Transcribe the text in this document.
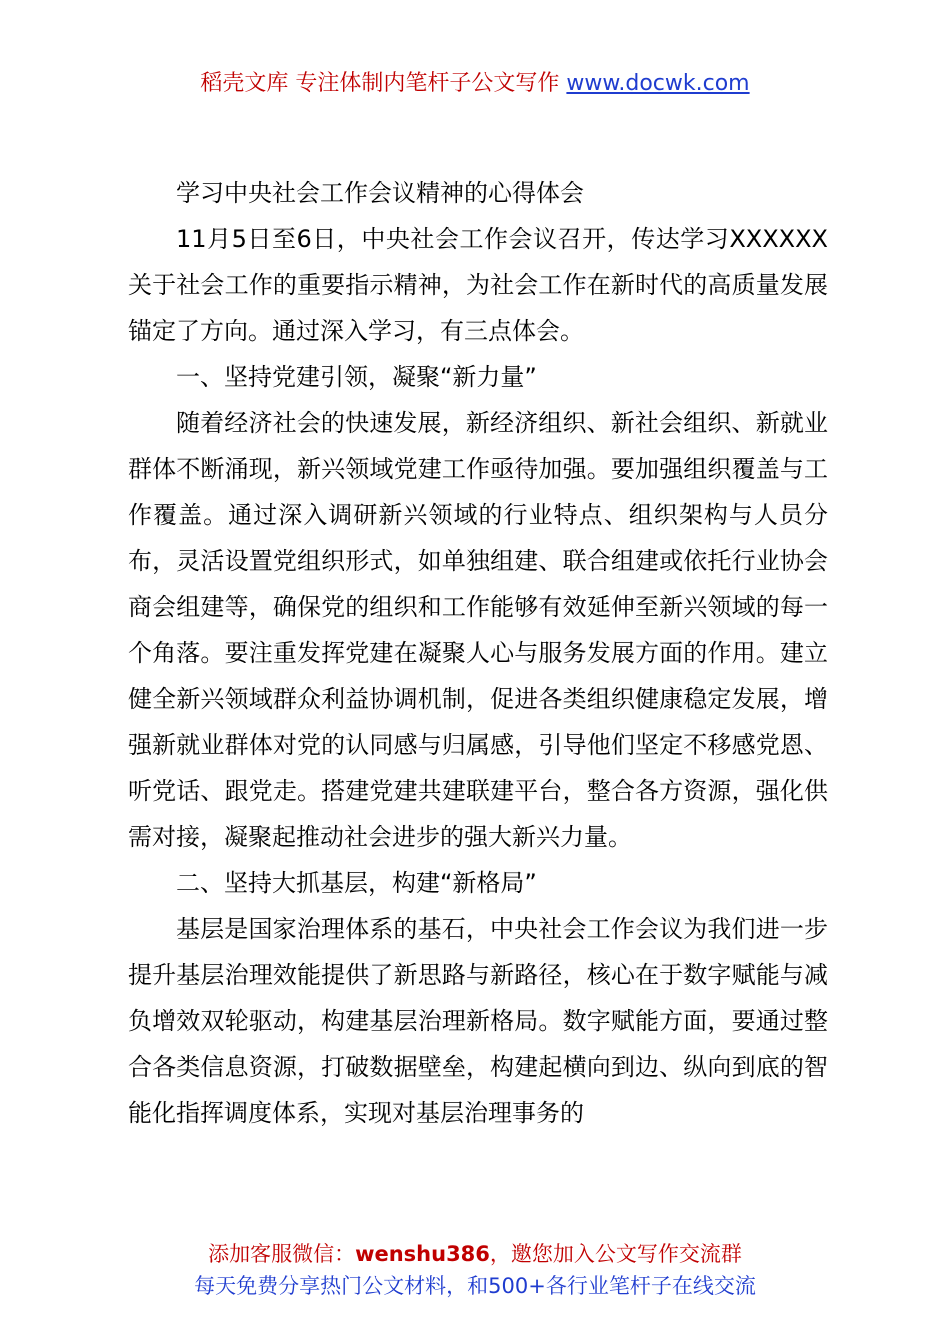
稻壳文库 专注体制内笔杆子公文写作 www.docwk.com

学习中央社会工作会议精神的心得体会

11月5日至6日，中央社会工作会议召开，传达学习XXXXXX关于社会工作的重要指示精神，为社会工作在新时代的高质量发展锚定了方向。通过深入学习，有三点体会。

一、坚持党建引领，凝聚“新力量”

随着经济社会的快速发展，新经济组织、新社会组织、新就业群体不断涌现，新兴领域党建工作亟待加强。要加强组织覆盖与工作覆盖。通过深入调研新兴领域的行业特点、组织架构与人员分布，灵活设置党组织形式，如单独组建、联合组建或依托行业协会商会组建等，确保党的组织和工作能够有效延伸至新兴领域的每一个角落。要注重发挥党建在凝聚人心与服务发展方面的作用。建立健全新兴领域群众利益协调机制，促进各类组织健康稳定发展，增强新就业群体对党的认同感与归属感，引导他们坚定不移感党恩、听党话、跟党走。搭建党建共建联建平台，整合各方资源，强化供需对接，凝聚起推动社会进步的强大新兴力量。

二、坚持大抓基层，构建“新格局”

基层是国家治理体系的基石，中央社会工作会议为我们进一步提升基层治理效能提供了新思路与新路径，核心在于数字赋能与减负增效双轮驱动，构建基层治理新格局。数字赋能方面，要通过整合各类信息资源，打破数据壁垒，构建起横向到边、纵向到底的智能化指挥调度体系，实现对基层治理事务的

添加客服微信：wenshu386，邀您加入公文写作交流群
每天免费分享热门公文材料，和500+各行业笔杆子在线交流
